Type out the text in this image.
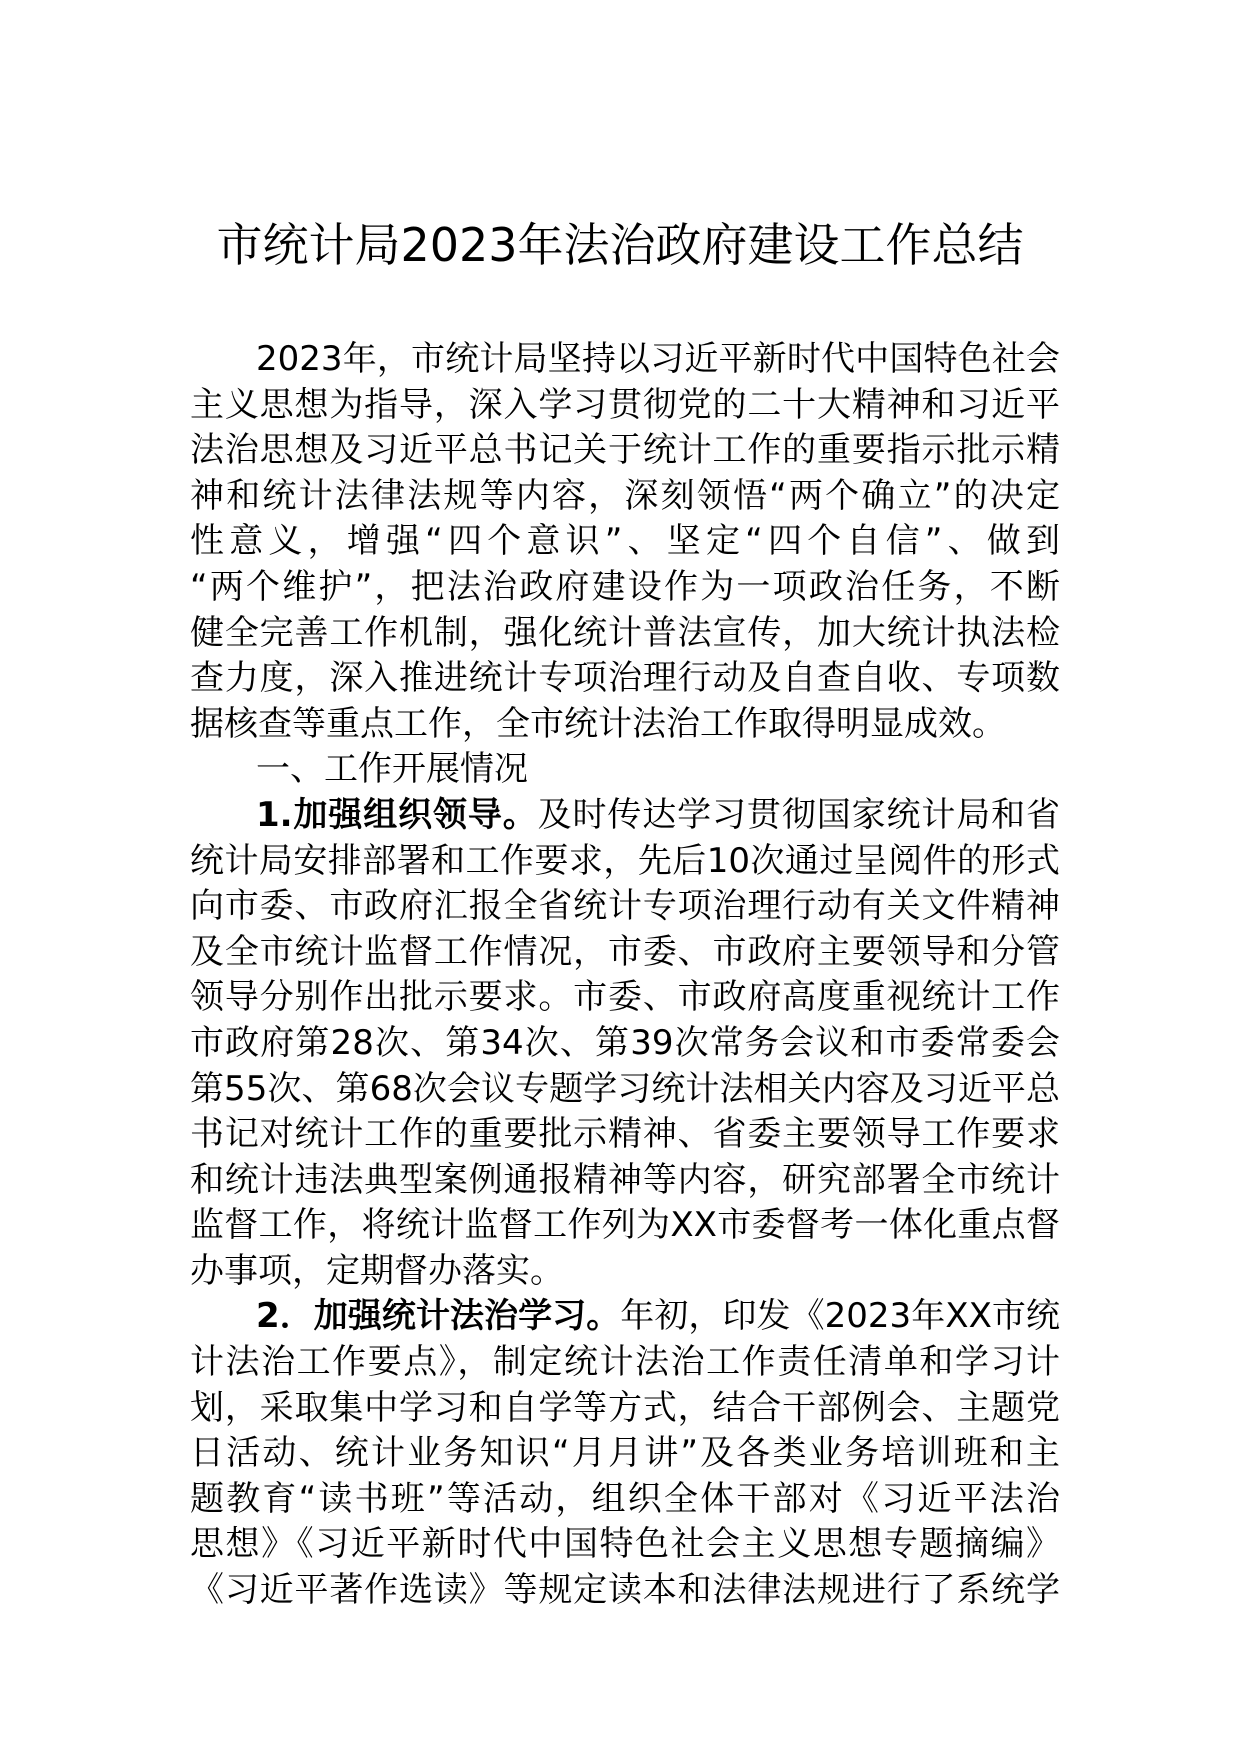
市统计局2023年法治政府建设工作总结
2023年，市统计局坚持以习近平新时代中国特色社会
主义思想为指导，深入学习贯彻党的二十大精神和习近平
法治思想及习近平总书记关于统计工作的重要指示批示精
神和统计法律法规等内容，深刻领悟“两个确立”的决定
性意义，增强“四个意识”、坚定“四个自信”、做到
“两个维护”，把法治政府建设作为一项政治任务，不断
健全完善工作机制，强化统计普法宣传，加大统计执法检
查力度，深入推进统计专项治理行动及自查自收、专项数
据核查等重点工作，全市统计法治工作取得明显成效。
一、工作开展情况
1.加强组织领导。及时传达学习贯彻国家统计局和省
统计局安排部署和工作要求，先后10次通过呈阅件的形式
向市委、市政府汇报全省统计专项治理行动有关文件精神
及全市统计监督工作情况，市委、市政府主要领导和分管
领导分别作出批示要求。市委、市政府高度重视统计工作
市政府第28次、第34次、第39次常务会议和市委常委会
第55次、第68次会议专题学习统计法相关内容及习近平总
书记对统计工作的重要批示精神、省委主要领导工作要求
和统计违法典型案例通报精神等内容，研究部署全市统计
监督工作，将统计监督工作列为XX市委督考一体化重点督
办事项，定期督办落实。
2．加强统计法治学习。年初，印发《2023年XX市统
计法治工作要点》，制定统计法治工作责任清单和学习计
划，采取集中学习和自学等方式，结合干部例会、主题党
日活动、统计业务知识“月月讲”及各类业务培训班和主
题教育“读书班”等活动，组织全体干部对《习近平法治
思想》《习近平新时代中国特色社会主义思想专题摘编》
《习近平著作选读》等规定读本和法律法规进行了系统学
